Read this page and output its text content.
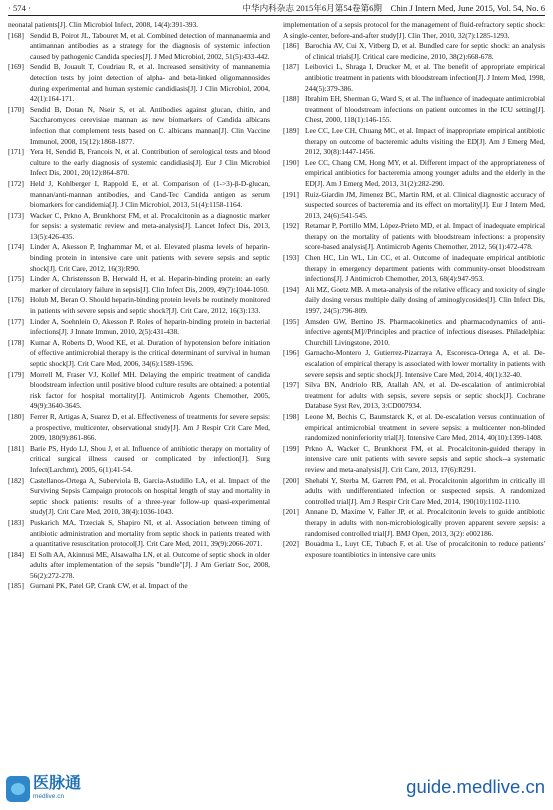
· 574 ·	中华内科杂志 2015年6月第54卷第6期　Chin J Intern Med, June 2015, Vol. 54, No. 6

neonatal patients[J]. Clin Microbiol Infect, 2008, 14(4):391-393.

[168] Sendid B, Poirot JL, Tabouret M, et al. Combined detection of mannanaemia and antimannan antibodies as a strategy for the diagnosis of systemic infection caused by pathogenic Candida species[J]. J Med Microbiol, 2002, 51(5):433-442.

[169] Sendid B, Jouault T, Coudriau R, et al. Increased sensitivity of mannanemia detection tests by joint detection of alpha- and beta-linked oligomannosides during experimental and human systemic candidiasis[J]. J Clin Microbiol, 2004, 42(1):164-171.

[170] Sendid B, Dotan N, Nseir S, et al. Antibodies against glucan, chitin, and Saccharomyces cerevisiae mannan as new biomarkers of Candida albicans infection that complement tests based on C. albicans mannan[J]. Clin Vaccine Immunol, 2008, 15(12):1868-1877.

[171] Yera H, Sendid B, Francois N, et al. Contribution of serological tests and blood culture to the early diagnosis of systemic candidiasis[J]. Eur J Clin Microbiol Infect Dis, 2001, 20(12):864-870.

[172] Held J, Kohlberger I, Rappold E, et al. Comparison of (1->3)-β-D-glucan, mannan/anti-mannan antibodies, and Cand-Tec Candida antigen as serum biomarkers for candidemia[J]. J Clin Microbiol, 2013, 51(4):1158-1164.

[173] Wacker C, Prkno A, Brunkhorst FM, et al. Procalcitonin as a diagnostic marker for sepsis: a systematic review and meta-analysis[J]. Lancet Infect Dis, 2013, 13(5):426-435.

[174] Linder A, Akesson P, Inghammar M, et al. Elevated plasma levels of heparin-binding protein in intensive care unit patients with severe sepsis and septic shock[J]. Crit Care, 2012, 16(3):R90.

[175] Linder A, Christensson B, Herwald H, et al. Heparin-binding protein: an early marker of circulatory failure in sepsis[J]. Clin Infect Dis, 2009, 49(7):1044-1050.

[176] Holub M, Beran O. Should heparin-binding protein levels be routinely monitored in patients with severe sepsis and septic shock?[J]. Crit Care, 2012, 16(3):133.

[177] Linder A, Soehnlein O, Akesson P. Roles of heparin-binding protein in bacterial infections[J]. J Innate Immun, 2010, 2(5):431-438.

[178] Kumar A, Roberts D, Wood KE, et al. Duration of hypotension before initiation of effective antimicrobial therapy is the critical determinant of survival in human septic shock[J]. Crit Care Med, 2006, 34(6):1589-1596.

[179] Morrell M, Fraser VJ, Kollef MH. Delaying the empiric treatment of candida bloodstream infection until positive blood culture results are obtained: a potential risk factor for hospital mortality[J]. Antimicrob Agents Chemother, 2005, 49(9):3640-3645.

[180] Ferrer R, Artigas A, Suarez D, et al. Effectiveness of treatments for severe sepsis: a prospective, multicenter, observational study[J]. Am J Respir Crit Care Med, 2009, 180(9):861-866.

[181] Barie PS, Hydo LJ, Shou J, et al. Influence of antibiotic therapy on mortality of critical surgical illness caused or complicated by infection[J]. Surg Infect(Larchmt), 2005, 6(1):41-54.

[182] Castellanos-Ortega A, Suberviola B, Garcia-Astudillo LA, et al. Impact of the Surviving Sepsis Campaign protocols on hospital length of stay and mortality in septic shock patients: results of a three-year follow-up quasi-experimental study[J]. Crit Care Med, 2010, 38(4):1036-1043.

[183] Puskarich MA, Trzeciak S, Shapiro NI, et al. Association between timing of antibiotic administration and mortality from septic shock in patients treated with a quantitative resuscitation protocol[J]. Crit Care Med, 2011, 39(9):2066-2071.

[184] El Solh AA, Akinnusi ME, Alsawalha LN, et al. Outcome of septic shock in older adults after implementation of the sepsis "bundle"[J]. J Am Geriatr Soc, 2008, 56(2):272-278.

[185] Gurnani PK, Patel GP, Crank CW, et al. Impact of the

implementation of a sepsis protocol for the management of fluid-refractory septic shock: A single-center, before-and-after study[J]. Clin Ther, 2010, 32(7):1285-1293.

[186] Barochia AV, Cui X, Vitberg D, et al. Bundled care for septic shock: an analysis of clinical trials[J]. Critical care medicine, 2010, 38(2):668-678.

[187] Leibovici L, Shraga I, Drucker M, et al. The benefit of appropriate empirical antibiotic treatment in patients with bloodstream infection[J]. J Intern Med, 1998, 244(5):379-386.

[188] Ibrahim EH, Sherman G, Ward S, et al. The influence of inadequate antimicrobial treatment of bloodstream infections on patient outcomes in the ICU setting[J]. Chest, 2000, 118(1):146-155.

[189] Lee CC, Lee CH, Chuang MC, et al. Impact of inappropriate empirical antibiotic therapy on outcome of bacteremic adults visiting the ED[J]. Am J Emerg Med, 2012, 30(8):1447-1456.

[190] Lee CC, Chang CM, Hong MY, et al. Different impact of the appropriateness of empirical antibiotics for bacteremia among younger adults and the elderly in the ED[J]. Am J Emerg Med, 2013, 31(2):282-290.

[191] Ruiz-Giardin JM, Jimenez BC, Martin RM, et al. Clinical diagnostic accuracy of suspected sources of bacteremia and its effect on mortality[J]. Eur J Intern Med, 2013, 24(6):541-545.

[192] Retamar P, Portillo MM, López-Prieto MD, et al. Impact of inadequate empirical therapy on the mortality of patients with bloodstream infections: a propensity score-based analysis[J]. Antimicrob Agents Chemother, 2012, 56(1):472-478.

[193] Chen HC, Lin WL, Lin CC, et al. Outcome of inadequate empirical antibiotic therapy in emergency department patients with community-onset bloodstream infections[J]. J Antimicrob Chemother, 2013, 68(4):947-953.

[194] Ali MZ, Goetz MB. A meta-analysis of the relative efficacy and toxicity of single daily dosing versus multiple daily dosing of aminoglycosides[J]. Clin Infect Dis, 1997, 24(5):796-809.

[195] Amsden GW, Bertino JS. Pharmacokinetics and pharmacodynamics of anti-infective agents[M]//Principles and practice of infectious diseases. Philadelphia: Churchill Livingstone, 2010.

[196] Garnacho-Montero J, Gutierrez-Pizarraya A, Escoresca-Ortega A, et al. De-escalation of empirical therapy is associated with lower mortality in patients with severe sepsis and septic shock[J]. Intensive Care Med, 2014, 40(1):32-40.

[197] Silva BN, Andriolo RB, Atallah AN, et al. De-escalation of antimicrobial treatment for adults with sepsis, severe sepsis or septic shock[J]. Cochrane Database Syst Rev, 2013, 3:CD007934.

[198] Leone M, Bechis C, Baumstarck K, et al. De-escalation versus continuation of empirical antimicrobial treatment in severe sepsis: a multicenter non-blinded randomized noninferiority trial[J]. Intensive Care Med, 2014, 40(10):1399-1408.

[199] Prkno A, Wacker C, Brunkhorst FM, et al. Procalcitonin-guided therapy in intensive care unit patients with severe sepsis and septic shock--a systematic review and meta-analysis[J]. Crit Care, 2013, 17(6):R291.

[200] Shehabi Y, Sterba M, Garrett PM, et al. Procalcitonin algorithm in critically ill adults with undifferentiated infection or suspected sepsis. A randomized controlled trial[J]. Am J Respir Crit Care Med, 2014, 190(10):1102-1110.

[201] Annane D, Maxime V, Faller JP, et al. Procalcitonin levels to guide antibiotic therapy in adults with non-microbiologically proven apparent severe sepsis: a randomised controlled trial[J]. BMJ Open, 2013, 3(2): e002186.

[202] Bouadma L, Luyt CE, Tubach F, et al. Use of procalcitonin to reduce patients' exposure toantibiotics in intensive care units

医脉通
medlive.cn	guide.medlive.cn
